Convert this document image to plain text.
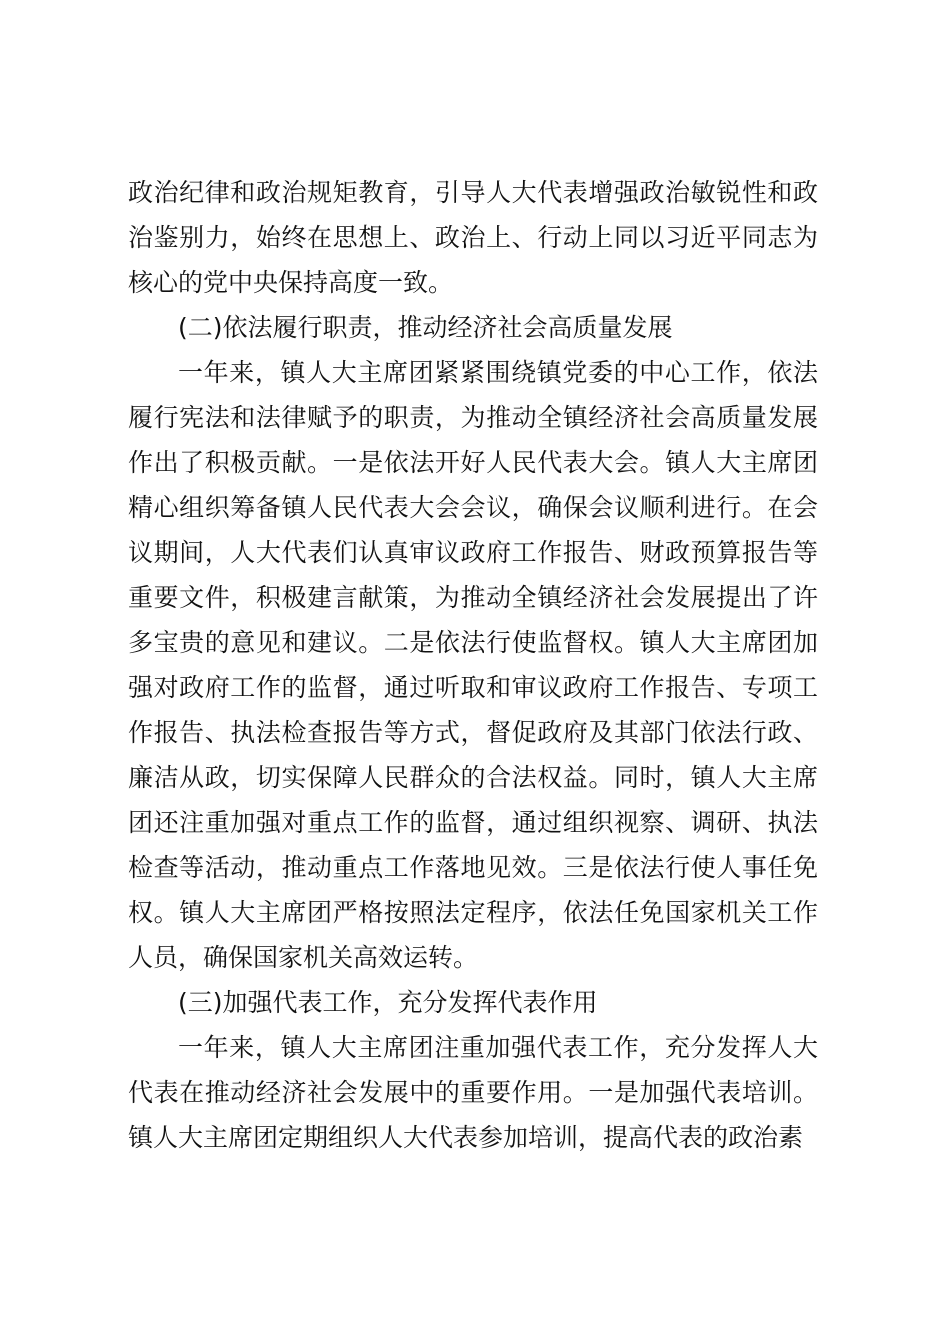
政治纪律和政治规矩教育，引导人大代表增强政治敏锐性和政治鉴别力，始终在思想上、政治上、行动上同以习近平同志为核心的党中央保持高度一致。

(二)依法履行职责，推动经济社会高质量发展

一年来，镇人大主席团紧紧围绕镇党委的中心工作，依法履行宪法和法律赋予的职责，为推动全镇经济社会高质量发展作出了积极贡献。一是依法开好人民代表大会。镇人大主席团精心组织筹备镇人民代表大会会议，确保会议顺利进行。在会议期间，人大代表们认真审议政府工作报告、财政预算报告等重要文件，积极建言献策，为推动全镇经济社会发展提出了许多宝贵的意见和建议。二是依法行使监督权。镇人大主席团加强对政府工作的监督，通过听取和审议政府工作报告、专项工作报告、执法检查报告等方式，督促政府及其部门依法行政、廉洁从政，切实保障人民群众的合法权益。同时，镇人大主席团还注重加强对重点工作的监督，通过组织视察、调研、执法检查等活动，推动重点工作落地见效。三是依法行使人事任免权。镇人大主席团严格按照法定程序，依法任免国家机关工作人员，确保国家机关高效运转。

(三)加强代表工作，充分发挥代表作用

一年来，镇人大主席团注重加强代表工作，充分发挥人大代表在推动经济社会发展中的重要作用。一是加强代表培训。镇人大主席团定期组织人大代表参加培训，提高代表的政治素
